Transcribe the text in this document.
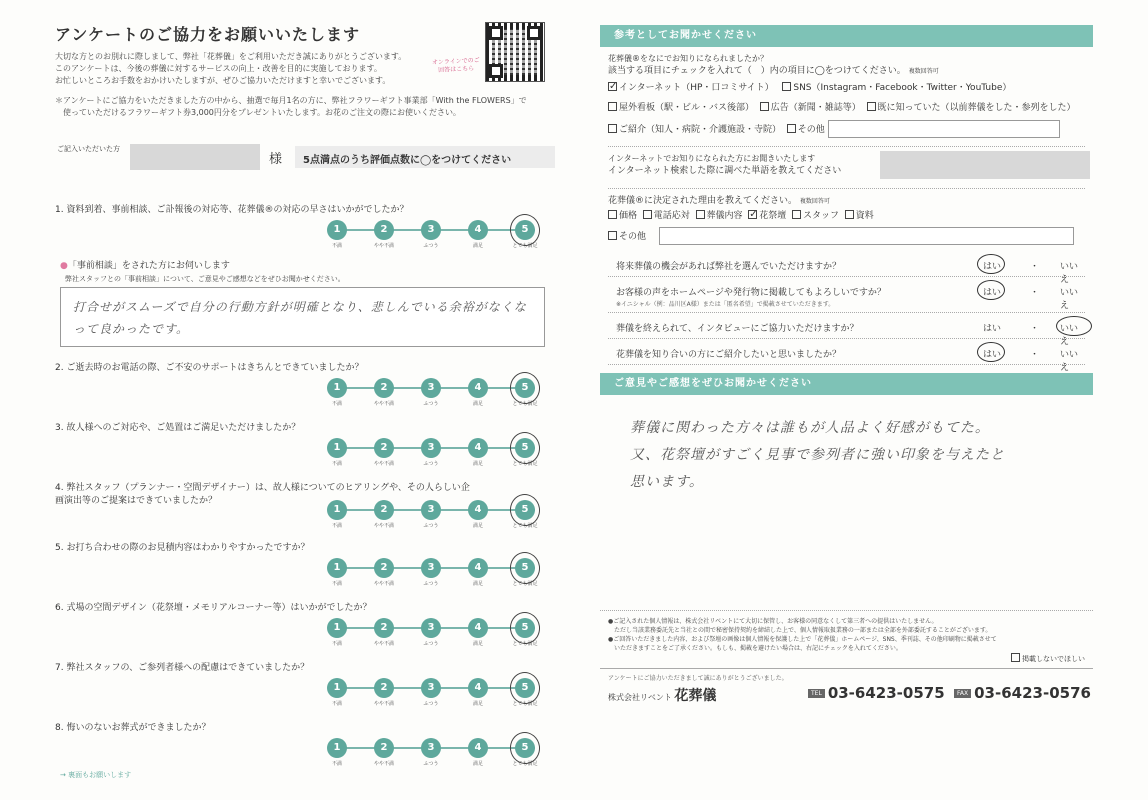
アンケートのご協力をお願いいたします
大切な方とのお別れに際しまして、弊社「花葬儀」をご利用いただき誠にありがとうございます。
このアンケートは、今後の葬儀に対するサービスの向上・改善を目的に実施しております。
お忙しいところお手数をおかけいたしますが、ぜひご協力いただけますと幸いでございます。
＊アンケートにご協力をいただきました方の中から、抽選で毎月1名の方に、弊社フラワーギフト事業部「With the FLOWERS」で
使っていただけるフラワーギフト券3,000円分をプレゼントいたします。お花のご注文の際にお使いください。
オンラインでのご回答はこちら
ご記入いただいた方
様	5点満点のうち評価点数に◯をつけてください
1. 資料到着、事前相談、ご訃報後の対応等、花葬儀®の対応の早さはいかがでしたか？
1
不満
2
やや不満
3
ふつう
4
満足
5
とても満足
2. ご逝去時のお電話の際、ご不安のサポートはきちんとできていましたか？
1
不満
2
やや不満
3
ふつう
4
満足
5
とても満足
3. 故人様へのご対応や、ご処置はご満足いただけましたか？
1
不満
2
やや不満
3
ふつう
4
満足
5
とても満足
4. 弊社スタッフ（プランナー・空間デザイナー）は、故人様についてのヒアリングや、その人らしい企画演出等のご提案はできていましたか？
1
不満
2
やや不満
3
ふつう
4
満足
5
とても満足
5. お打ち合わせの際のお見積内容はわかりやすかったですか？
1
不満
2
やや不満
3
ふつう
4
満足
5
とても満足
6. 式場の空間デザイン（花祭壇・メモリアルコーナー等）はいかがでしたか？
1
不満
2
やや不満
3
ふつう
4
満足
5
とても満足
7. 弊社スタッフの、ご参列者様への配慮はできていましたか？
1
不満
2
やや不満
3
ふつう
4
満足
5
とても満足
8. 悔いのないお葬式ができましたか？
1
不満
2
やや不満
3
ふつう
4
満足
5
とても満足
●「事前相談」をされた方にお伺いします
弊社スタッフとの「事前相談」について、ご意見やご感想などをぜひお聞かせください。
打合せがスムーズで自分の行動方針が明確となり、悲しんでいる余裕がなくなって良かったです。
→ 裏面もお願いします
参考としてお聞かせください
花葬儀®をなにでお知りになられましたか？
該当する項目にチェックを入れて（　）内の項目に◯をつけてください。 複数回答可
✓インターネット（HP・口コミサイト） SNS（Instagram・Facebook・Twitter・YouTube）
屋外看板（駅・ビル・バス後部） 広告（新聞・雑誌等） 既に知っていた（以前葬儀をした・参列をした）
ご紹介（知人・病院・介護施設・寺院） その他
インターネットでお知りになられた方にお聞きいたします
インターネット検索した際に調べた単語を教えてください
花葬儀®に決定された理由を教えてください。 複数回答可
価格 電話応対 葬儀内容  ✓ 花祭壇 スタッフ 資料
その他
将来葬儀の機会があれば弊社を選んでいただけますか？	はい	・ いいえ
お客様の声をホームページや発行物に掲載してもよろしいですか？
※イニシャル（例：品川区A様）または「匿名希望」で掲載させていただきます。
はい	・ いいえ
葬儀を終えられて、インタビューにご協力いただけますか？	はい	・ いいえ
花葬儀を知り合いの方にご紹介したいと思いましたか？	はい	・ いいえ
ご意見やご感想をぜひお聞かせください
葬儀に関わった方々は誰もが人品よく好感がもてた。
又、花祭壇がすごく見事で参列者に強い印象を与えたと
思います。
●ご記入された個人情報は、株式会社リベントにて大切に保管し、お客様の同意なくして第三者への提供はいたしません。
ただし当該業務委託先と当社との間で秘密保持契約を締結した上で、個人情報取扱業務の一部または全部を外部委託することがございます。
●ご回答いただきました内容、および祭壇の画像は個人情報を保護した上で「花葬儀」ホームページ、SNS、季刊誌、その他印刷物に掲載させて
いただきますことをご了承ください。もしも、掲載を避けたい場合は、右記にチェックを入れてください。
掲載しないでほしい
アンケートにご協力いただきまして誠にありがとうございました。
株式会社リベント 花葬儀	TEL 03-6423-0575	FAX 03-6423-0576
